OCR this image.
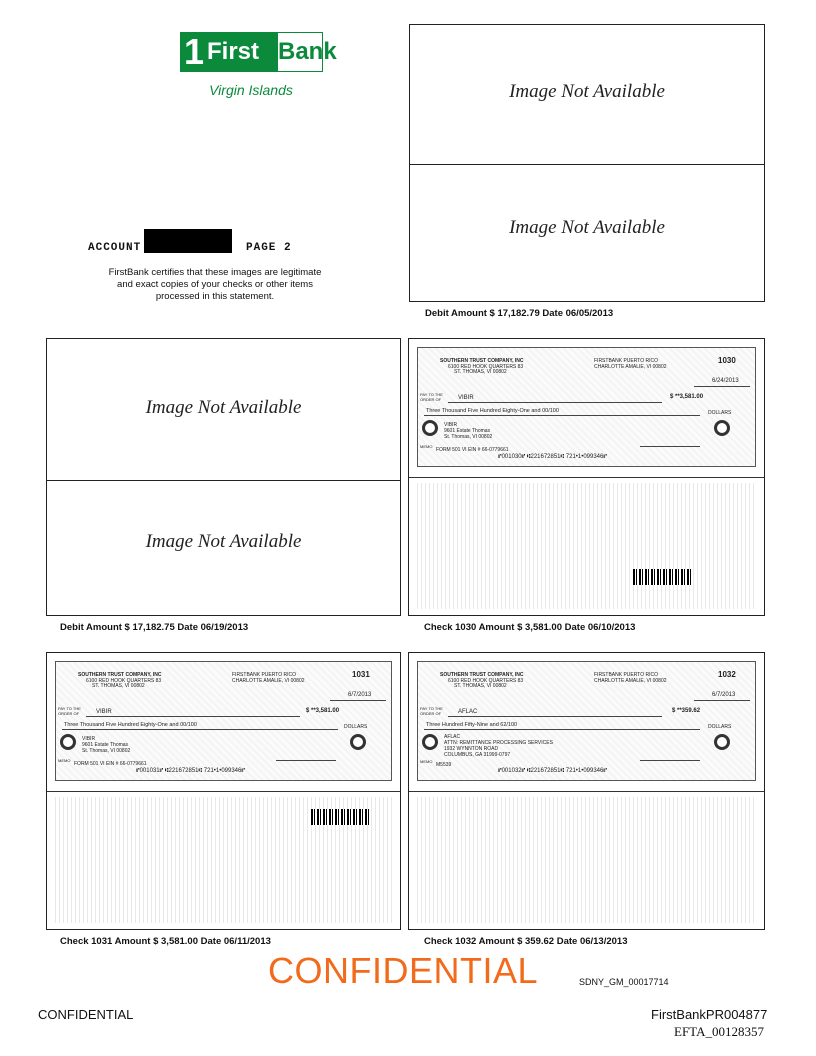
1 First Bank
Virgin Islands
ACCOUNT	PAGE 2
FirstBank certifies that these images are legitimate
and exact copies of your checks or other items
processed in this statement.
Image Not Available
Image Not Available
Debit Amount $ 17,182.79 Date 06/05/2013
Image Not Available
Image Not Available
Debit Amount $ 17,182.75 Date 06/19/2013
SOUTHERN TRUST COMPANY, INC
6100 RED HOOK QUARTERS 83
ST. THOMAS, VI 00802
FIRSTBANK PUERTO RICO
CHARLOTTE AMALIE, VI 00802
1030
6/24/2013
PAY TO THE ORDER OF	VIBIR	$ **3,581.00
Three Thousand Five Hundred Eighty-One and 00/100	DOLLARS
VIBIR
9601 Estate Thomas
St. Thomas, VI 00802
MEMO
FORM 501 VI EIN # 66-0779661
⑈001030⑈ ⑆221672851⑆ 721•1•099346⑈
Check 1030 Amount $ 3,581.00 Date 06/10/2013
SOUTHERN TRUST COMPANY, INC
6100 RED HOOK QUARTERS 83
ST. THOMAS, VI 00802
FIRSTBANK PUERTO RICO
CHARLOTTE AMALIE, VI 00802
1031
6/7/2013
PAY TO THE ORDER OF	VIBIR	$ **3,581.00
Three Thousand Five Hundred Eighty-One and 00/100	DOLLARS
VIBIR
9601 Estate Thomas
St. Thomas, VI 00802
MEMO
FORM 501 VI EIN # 66-0779661
⑈001031⑈ ⑆221672851⑆ 721•1•099346⑈
Check 1031 Amount $ 3,581.00 Date 06/11/2013
SOUTHERN TRUST COMPANY, INC
6100 RED HOOK QUARTERS 83
ST. THOMAS, VI 00802
FIRSTBANK PUERTO RICO
CHARLOTTE AMALIE, VI 00802
1032
6/7/2013
PAY TO THE ORDER OF	AFLAC	$ **359.62
Three Hundred Fifty-Nine and 62/100	DOLLARS
AFLAC
ATTN: REMITTANCE PROCESSING SERVICES
1932 WYNNTON ROAD
COLUMBUS, GA 31999-0797
MEMO
M5539
⑈001032⑈ ⑆221672851⑆ 721•1•099346⑈
Check 1032 Amount $ 359.62 Date 06/13/2013
CONFIDENTIAL	SDNY_GM_00017714
CONFIDENTIAL	FirstBankPR004877
EFTA_00128357
